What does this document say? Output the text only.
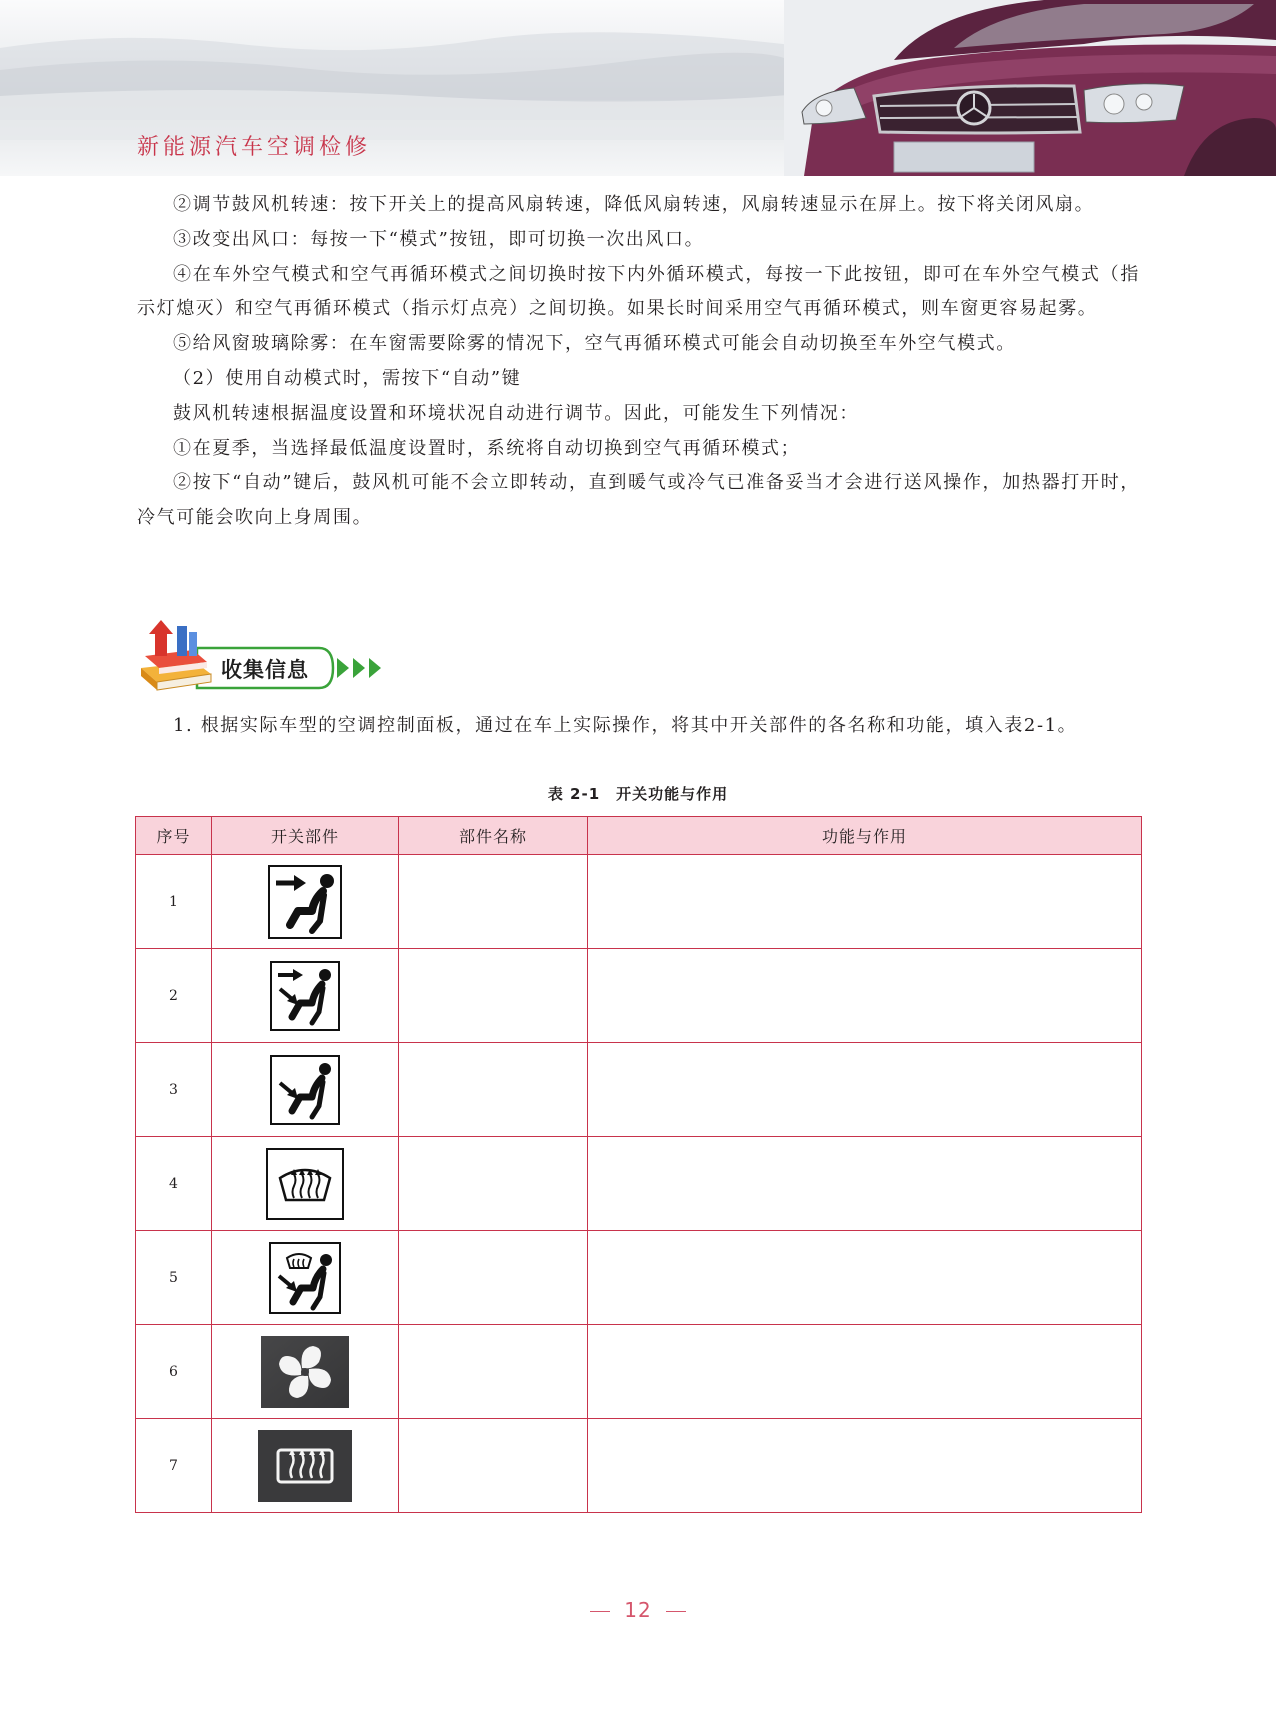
新能源汽车空调检修

②调节鼓风机转速：按下开关上的提高风扇转速，降低风扇转速，风扇转速显示在屏上。按下将关闭风扇。

③改变出风口：每按一下“模式”按钮，即可切换一次出风口。

④在车外空气模式和空气再循环模式之间切换时按下内外循环模式，每按一下此按钮，即可在车外空气模式（指示灯熄灭）和空气再循环模式（指示灯点亮）之间切换。如果长时间采用空气再循环模式，则车窗更容易起雾。

⑤给风窗玻璃除雾：在车窗需要除雾的情况下，空气再循环模式可能会自动切换至车外空气模式。

（2）使用自动模式时，需按下“自动”键

鼓风机转速根据温度设置和环境状况自动进行调节。因此，可能发生下列情况：

①在夏季，当选择最低温度设置时，系统将自动切换到空气再循环模式；

②按下“自动”键后，鼓风机可能不会立即转动，直到暖气或冷气已准备妥当才会进行送风操作，加热器打开时，冷气可能会吹向上身周围。

收集信息

1. 根据实际车型的空调控制面板，通过在车上实际操作，将其中开关部件的各名称和功能，填入表2-1。

表 2-1　开关功能与作用
序号	开关部件	部件名称	功能与作用
1	

2	

3	

4	

5	

6	

7	

12
